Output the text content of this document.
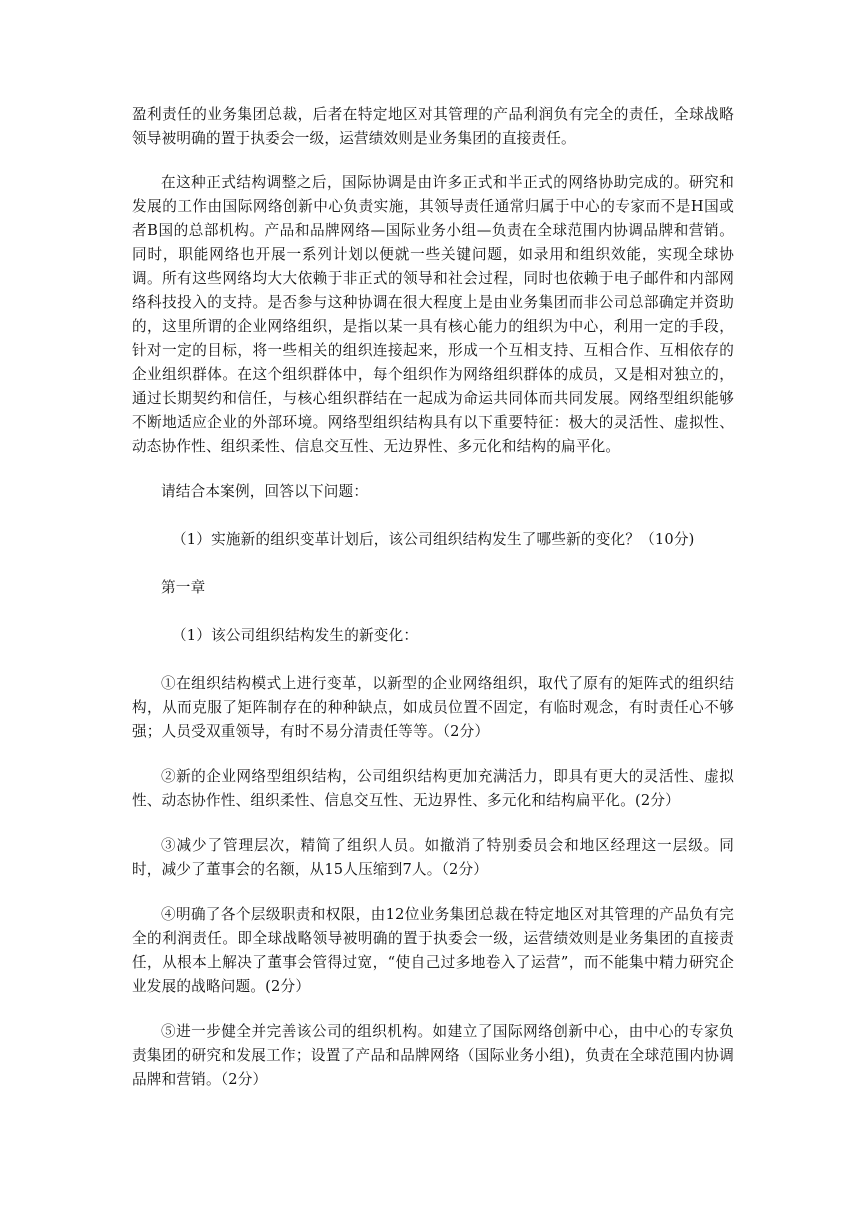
盈利责任的业务集团总裁，后者在特定地区对其管理的产品利润负有完全的责任，全球战略领导被明确的置于执委会一级，运营绩效则是业务集团的直接责任。

在这种正式结构调整之后，国际协调是由许多正式和半正式的网络协助完成的。研究和发展的工作由国际网络创新中心负责实施，其领导责任通常归属于中心的专家而不是H国或者B国的总部机构。产品和品牌网络—国际业务小组—负责在全球范围内协调品牌和营销。同时，职能网络也开展一系列计划以便就一些关键问题，如录用和组织效能，实现全球协调。所有这些网络均大大依赖于非正式的领导和社会过程，同时也依赖于电子邮件和内部网络科技投入的支持。是否参与这种协调在很大程度上是由业务集团而非公司总部确定并资助的，这里所谓的企业网络组织，是指以某一具有核心能力的组织为中心，利用一定的手段，针对一定的目标，将一些相关的组织连接起来，形成一个互相支持、互相合作、互相依存的企业组织群体。在这个组织群体中，每个组织作为网络组织群体的成员，又是相对独立的，通过长期契约和信任，与核心组织群结在一起成为命运共同体而共同发展。网络型组织能够不断地适应企业的外部环境。网络型组织结构具有以下重要特征：极大的灵活性、虚拟性、动态协作性、组织柔性、信息交互性、无边界性、多元化和结构的扁平化。

请结合本案例，回答以下问题：

（1）实施新的组织变革计划后，该公司组织结构发生了哪些新的变化？（10分)

第一章

（1）该公司组织结构发生的新变化：

①在组织结构模式上进行变革，以新型的企业网络组织，取代了原有的矩阵式的组织结构，从而克服了矩阵制存在的种种缺点，如成员位置不固定，有临时观念，有时责任心不够强；人员受双重领导，有时不易分清责任等等。（2分）

②新的企业网络型组织结构，公司组织结构更加充满活力，即具有更大的灵活性、虚拟性、动态协作性、组织柔性、信息交互性、无边界性、多元化和结构扁平化。(2分）

③减少了管理层次，精简了组织人员。如撤消了特别委员会和地区经理这一层级。同时，减少了董事会的名额，从15人压缩到7人。（2分）

④明确了各个层级职责和权限，由12位业务集团总裁在特定地区对其管理的产品负有完全的利润责任。即全球战略领导被明确的置于执委会一级，运营绩效则是业务集团的直接责任，从根本上解决了董事会管得过宽，“使自己过多地卷入了运营”，而不能集中精力研究企业发展的战略问题。(2分）

⑤进一步健全并完善该公司的组织机构。如建立了国际网络创新中心，由中心的专家负责集团的研究和发展工作；设置了产品和品牌网络（国际业务小组)，负责在全球范围内协调品牌和营销。（2分）
